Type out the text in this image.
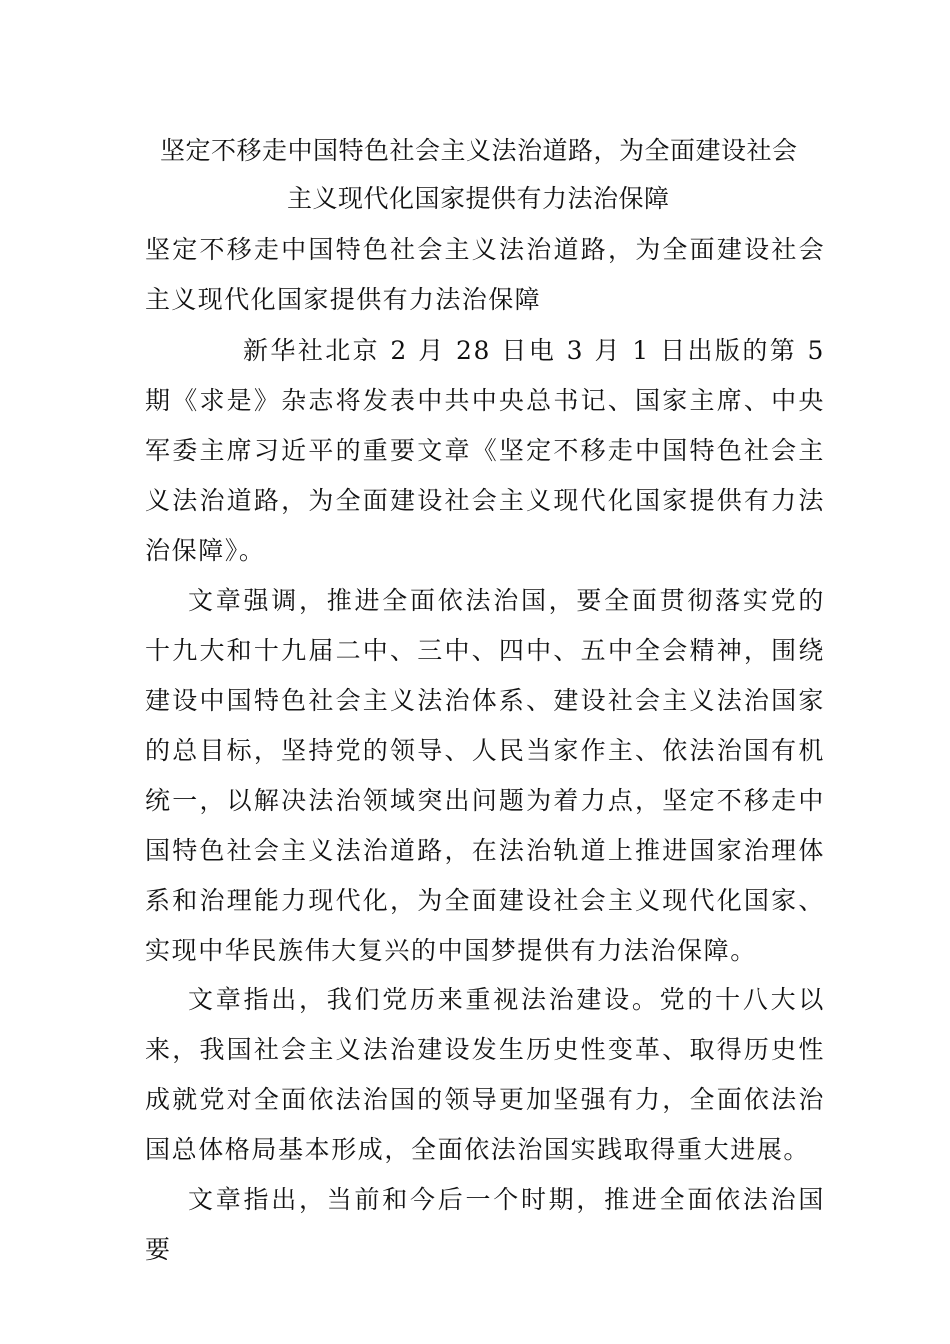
坚定不移走中国特色社会主义法治道路，为全面建设社会
主义现代化国家提供有力法治保障

坚定不移走中国特色社会主义法治道路，为全面建设社会主义现代化国家提供有力法治保障

新华社北京 2 月 28 日电 3 月 1 日出版的第 5 期《求是》杂志将发表中共中央总书记、国家主席、中央军委主席习近平的重要文章《坚定不移走中国特色社会主义法治道路，为全面建设社会主义现代化国家提供有力法治保障》。

文章强调，推进全面依法治国，要全面贯彻落实党的十九大和十九届二中、三中、四中、五中全会精神，围绕建设中国特色社会主义法治体系、建设社会主义法治国家的总目标，坚持党的领导、人民当家作主、依法治国有机统一，以解决法治领域突出问题为着力点，坚定不移走中国特色社会主义法治道路，在法治轨道上推进国家治理体系和治理能力现代化，为全面建设社会主义现代化国家、实现中华民族伟大复兴的中国梦提供有力法治保障。

文章指出，我们党历来重视法治建设。党的十八大以来，我国社会主义法治建设发生历史性变革、取得历史性成就党对全面依法治国的领导更加坚强有力，全面依法治国总体格局基本形成，全面依法治国实践取得重大进展。

文章指出，当前和今后一个时期，推进全面依法治国要
